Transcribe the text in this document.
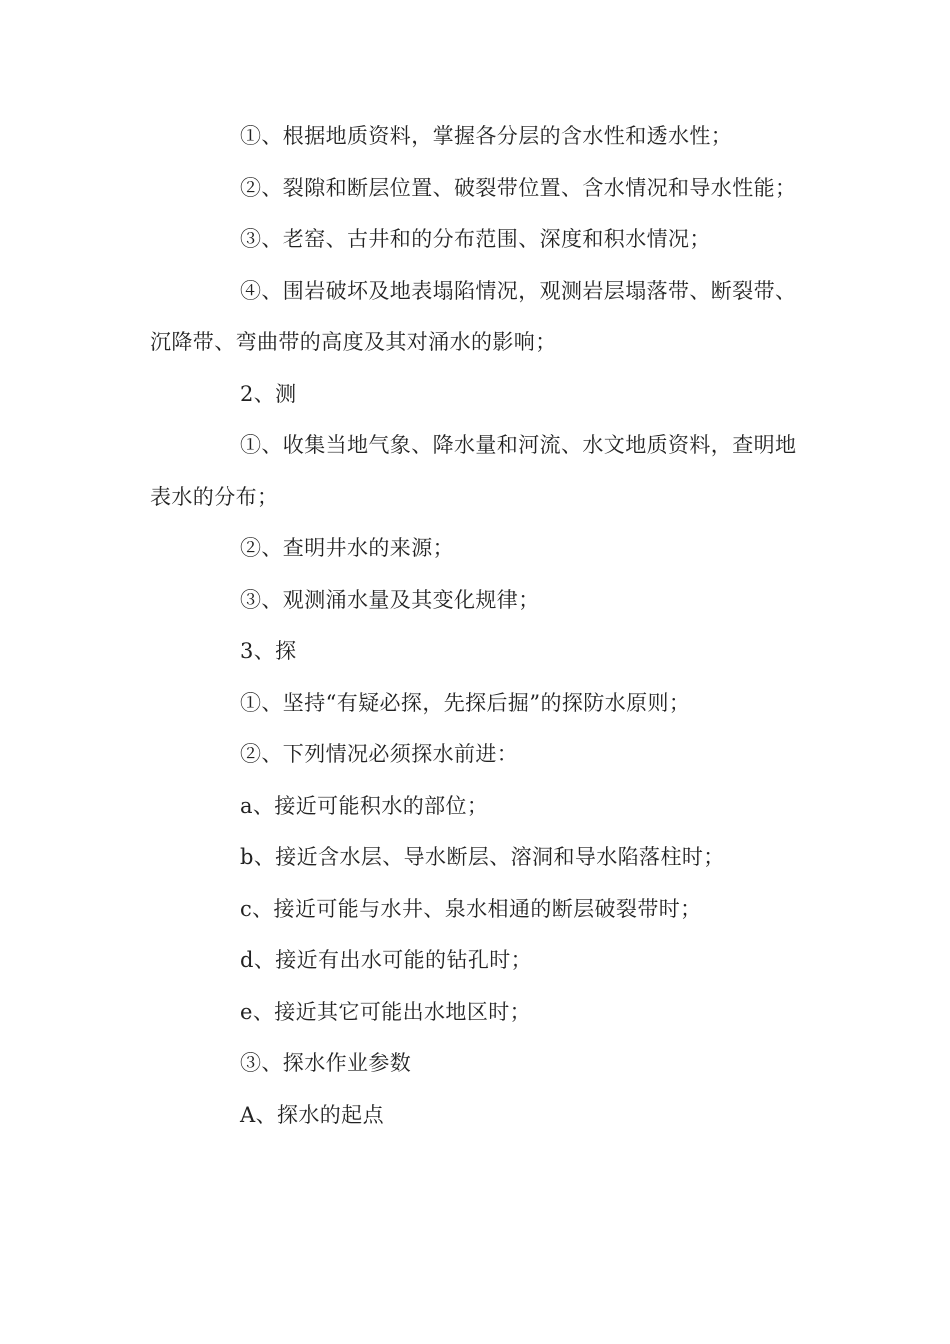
①、根据地质资料，掌握各分层的含水性和透水性；

②、裂隙和断层位置、破裂带位置、含水情况和导水性能；

③、老窑、古井和的分布范围、深度和积水情况；

④、围岩破坏及地表塌陷情况，观测岩层塌落带、断裂带、沉降带、弯曲带的高度及其对涌水的影响；

2、测

①、收集当地气象、降水量和河流、水文地质资料，查明地表水的分布；

②、查明井水的来源；

③、观测涌水量及其变化规律；

3、探

①、坚持“有疑必探，先探后掘”的探防水原则；

②、下列情况必须探水前进：

a、接近可能积水的部位；

b、接近含水层、导水断层、溶洞和导水陷落柱时；

c、接近可能与水井、泉水相通的断层破裂带时；

d、接近有出水可能的钻孔时；

e、接近其它可能出水地区时；

③、探水作业参数

A、探水的起点
